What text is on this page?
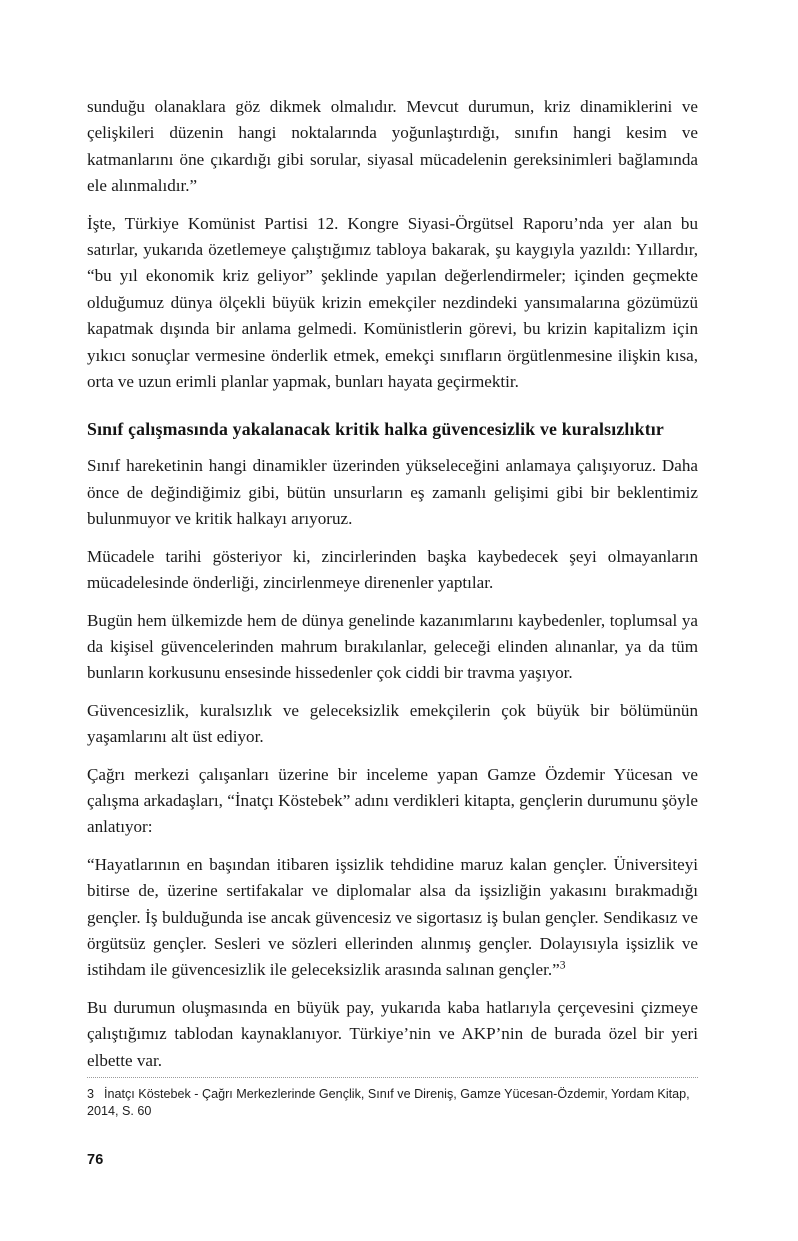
sunduğu olanaklara göz dikmek olmalıdır. Mevcut durumun, kriz dinamiklerini ve çelişkileri düzenin hangi noktalarında yoğunlaştırdığı, sınıfın hangi kesim ve katmanlarını öne çıkardığı gibi sorular, siyasal mücadelenin gereksinimleri bağlamında ele alınmalıdır.”

İşte, Türkiye Komünist Partisi 12. Kongre Siyasi-Örgütsel Raporu’nda yer alan bu satırlar, yukarıda özetlemeye çalıştığımız tabloya bakarak, şu kaygıyla yazıldı: Yıllardır, “bu yıl ekonomik kriz geliyor” şeklinde yapılan değerlendirmeler; içinden geçmekte olduğumuz dünya ölçekli büyük krizin emekçiler nezdindeki yansımalarına gözümüzü kapatmak dışında bir anlama gelmedi. Komünistlerin görevi, bu krizin kapitalizm için yıkıcı sonuçlar vermesine önderlik etmek, emekçi sınıfların örgütlenmesine ilişkin kısa, orta ve uzun erimli planlar yapmak, bunları hayata geçirmektir.

Sınıf çalışmasında yakalanacak kritik halka güvencesizlik ve kuralsızlıktır

Sınıf hareketinin hangi dinamikler üzerinden yükseleceğini anlamaya çalışıyoruz. Daha önce de değindiğimiz gibi, bütün unsurların eş zamanlı gelişimi gibi bir beklentimiz bulunmuyor ve kritik halkayı arıyoruz.

Mücadele tarihi gösteriyor ki, zincirlerinden başka kaybedecek şeyi olmayanların mücadelesinde önderliği, zincirlenmeye direnenler yaptılar.

Bugün hem ülkemizde hem de dünya genelinde kazanımlarını kaybedenler, toplumsal ya da kişisel güvencelerinden mahrum bırakılanlar, geleceği elinden alınanlar, ya da tüm bunların korkusunu ensesinde hissedenler çok ciddi bir travma yaşıyor.

Güvencesizlik, kuralsızlık ve geleceksizlik emekçilerin çok büyük bir bölümünün yaşamlarını alt üst ediyor.

Çağrı merkezi çalışanları üzerine bir inceleme yapan Gamze Özdemir Yücesan ve çalışma arkadaşları, “İnatçı Köstebek” adını verdikleri kitapta, gençlerin durumunu şöyle anlatıyor:

“Hayatlarının en başından itibaren işsizlik tehdidine maruz kalan gençler. Üniversiteyi bitirse de, üzerine sertifakalar ve diplomalar alsa da işsizliğin yakasını bırakmadığı gençler. İş bulduğunda ise ancak güvencesiz ve sigortasız iş bulan gençler. Sendikasız ve örgütsüz gençler. Sesleri ve sözleri ellerinden alınmış gençler. Dolayısıyla işsizlik ve istihdam ile güvencesizlik ile geleceksizlik arasında salınan gençler.”$^3$

Bu durumun oluşmasında en büyük pay, yukarıda kaba hatlarıyla çerçevesini çizmeye çalıştığımız tablodan kaynaklanıyor. Türkiye’nin ve AKP’nin de burada özel bir yeri elbette var.

3 İnatçı Köstebek - Çağrı Merkezlerinde Gençlik, Sınıf ve Direniş, Gamze Yücesan-Özdemir, Yordam Kitap, 2014, S. 60
76
